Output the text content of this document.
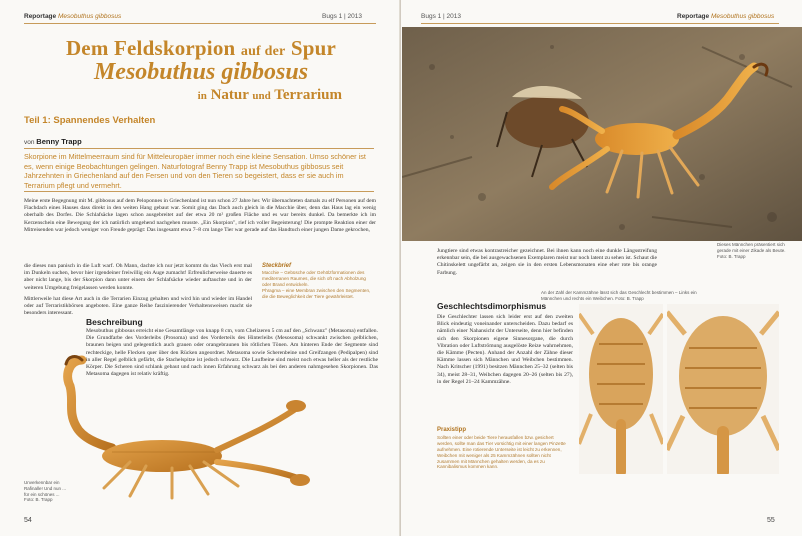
Reportage Mesobuthus gibbosus	Bugs 1 | 2013
Dem Feldskorpion auf der Spur
Mesobuthus gibbosus
in Natur und Terrarium
Teil 1: Spannendes Verhalten
von Benny Trapp
Skorpione im Mittelmeerraum sind für Mitteleuropäer immer noch eine kleine Sensation. Umso schöner ist es, wenn einige Beobachtungen gelingen. Naturfotograf Benny Trapp ist Mesobuthus gibbosus seit Jahrzehnten in Griechenland auf den Fersen und von den Tieren so begeistert, dass er sie auch im Terrarium pflegt und vermehrt.
Meine erste Begegnung mit M. gibbosus auf dem Peloponnes in Griechenland ist nun schon 27 Jahre her. Wir übernachteten damals zu elf Personen auf dem Flachdach eines Hauses dass direkt in den weiten Hang gebaut war. Somit ging das Dach auch gleich in die Macchie über, denn das Haus lag ein wenig oberhalb des Dorfes. Die Schlafsäcke lagen schon ausgebreitet auf der etwa 20 m² großen Fläche und es war bereits dunkel. Da bemerkte ich im Kerzenschein eine Bewegung der ich natürlich umgehend nachgehen musste. „Ein Skorpion", rief ich voller Begeisterung! Die prompte Reaktion einer der Mitreisenden war jedoch weniger von Freude geprägt: Das insgesamt etwa 7–8 cm lange Tier war gerade auf das Handtuch einer jungen Dame gekrochen,
die dieses nun panisch in die Luft warf. Oh Mann, dachte ich nur jetzt kommt du das Viech erst mal im Dunkeln suchen, bevor hier irgendeiner freiwillig ein Auge zumacht! Erfreulicherweise dauerte es aber nicht lange, bis der Skorpion dann unter einem der Schlafsäcke wieder auftauchte und in der weiteren Umgebung freigelassen werden konnte.
Mittlerweile hat diese Art auch in die Terrarien Einzug gehalten und wird hin und wieder im Handel oder auf Terraristikbörsen angeboten. Eine ganze Reihe faszinierender Verhaltensweisen macht sie besonders interessant.
Steckbrief
Macchie – Gebüsche oder Gehölzformationen des mediterranen Raumes, die sich oft nach Abholzung oder Brand entwickeln.
Phragma – eine Membran zwischen den Segmenten, die die Beweglichkeit der Tiere gewährleistet.
Beschreibung
Mesobuthus gibbosus erreicht eine Gesamtlänge von knapp 8 cm, vom Chelizeren 5 cm auf den „Schwanz" (Metasoma) entfallen. Die Grundfarbe des Vorderleibs (Prosoma) und des Vorderteils des Hinterleibs (Mesosoma) schwankt zwischen gelblichen, braunen beigen und gelegentlich auch grauen oder orangebraunen bis rötlichen Tönen. Am hinteren Ende der Segmente sind rechteckige, helle Flecken quer über den Rücken angeordnet. Metasoma sowie Scherenbeine und Greifzangen (Pedipalpen) sind in aller Regel gelblich gefärbt, die Stachelspitze ist jedoch schwarz. Die Laufbeine sind meist noch etwas heller als der restliche Körper. Die Scheren sind schlank gebaut und nach innen Erfahrung schwarz als bei den anderen nahmgesehen Skorpionen. Das Metasoma dagegen ist relativ kräftig.
Unverkennbar ein Rafinalle! Und nun ... für ein schönes ... Foto: B. Trapp
54
Bugs 1 | 2013	Reportage Mesobuthus gibbosus
Dieses Männchen präsentiert sich gerade mit einer Zikade als Beute. Foto: B. Trapp
Jungtiere sind etwas kontrastreicher gezeichnet. Bei ihnen kann noch eine dunkle Längsstreifung erkennbar sein, die bei ausgewachsenen Exemplaren meist nur noch latent zu sehen ist. Schaut die Chitinskelett ungefärbt an, zeigen sie in den ersten Lebensmonaten eine eher rote bis orange Farbung.
Geschlechtsdimorphismus
Die Geschlechter lassen sich leider erst auf den zweiten Blick eindeutig voneinander unterscheiden. Dazu bedarf es nämlich einer Nahansicht der Unterseite, denn hier befinden sich den Skorpionen eigene Sinnesorgane, die durch Vibration oder Luftströmung ausgelöste Reize wahrnehmen, die Kämme (Pecten). Anhand der Anzahl der Zähne dieser Kämme lassen sich Männchen und Weibchen bestimmen. Nach Kritscher (1991) besitzen Männchen 25–32 (selten bis 34), meist 28–31, Weibchen dagegen 20–26 (selten bis 27), in der Regel 21–24 Kammzähne.
Praxistipp
Sollten einer oder beide Tiere herausfallen bzw. gesichert werden, sollte man das Tier vorsichtig mit einer langen Pinzette aufnehmen. Eine rotierende Unterseite ist leicht zu erkennen, Weibchen mit weniger als 25 Kammzähnen sollten nicht zusammen mit Männchen gehalten werden, da es zu Kannibalismus kommen kann.
An der Zahl der Kammzähne lässt sich das Geschlecht bestimmen – Links ein Männchen und rechts ein Weibchen. Foto: B. Trapp
55
